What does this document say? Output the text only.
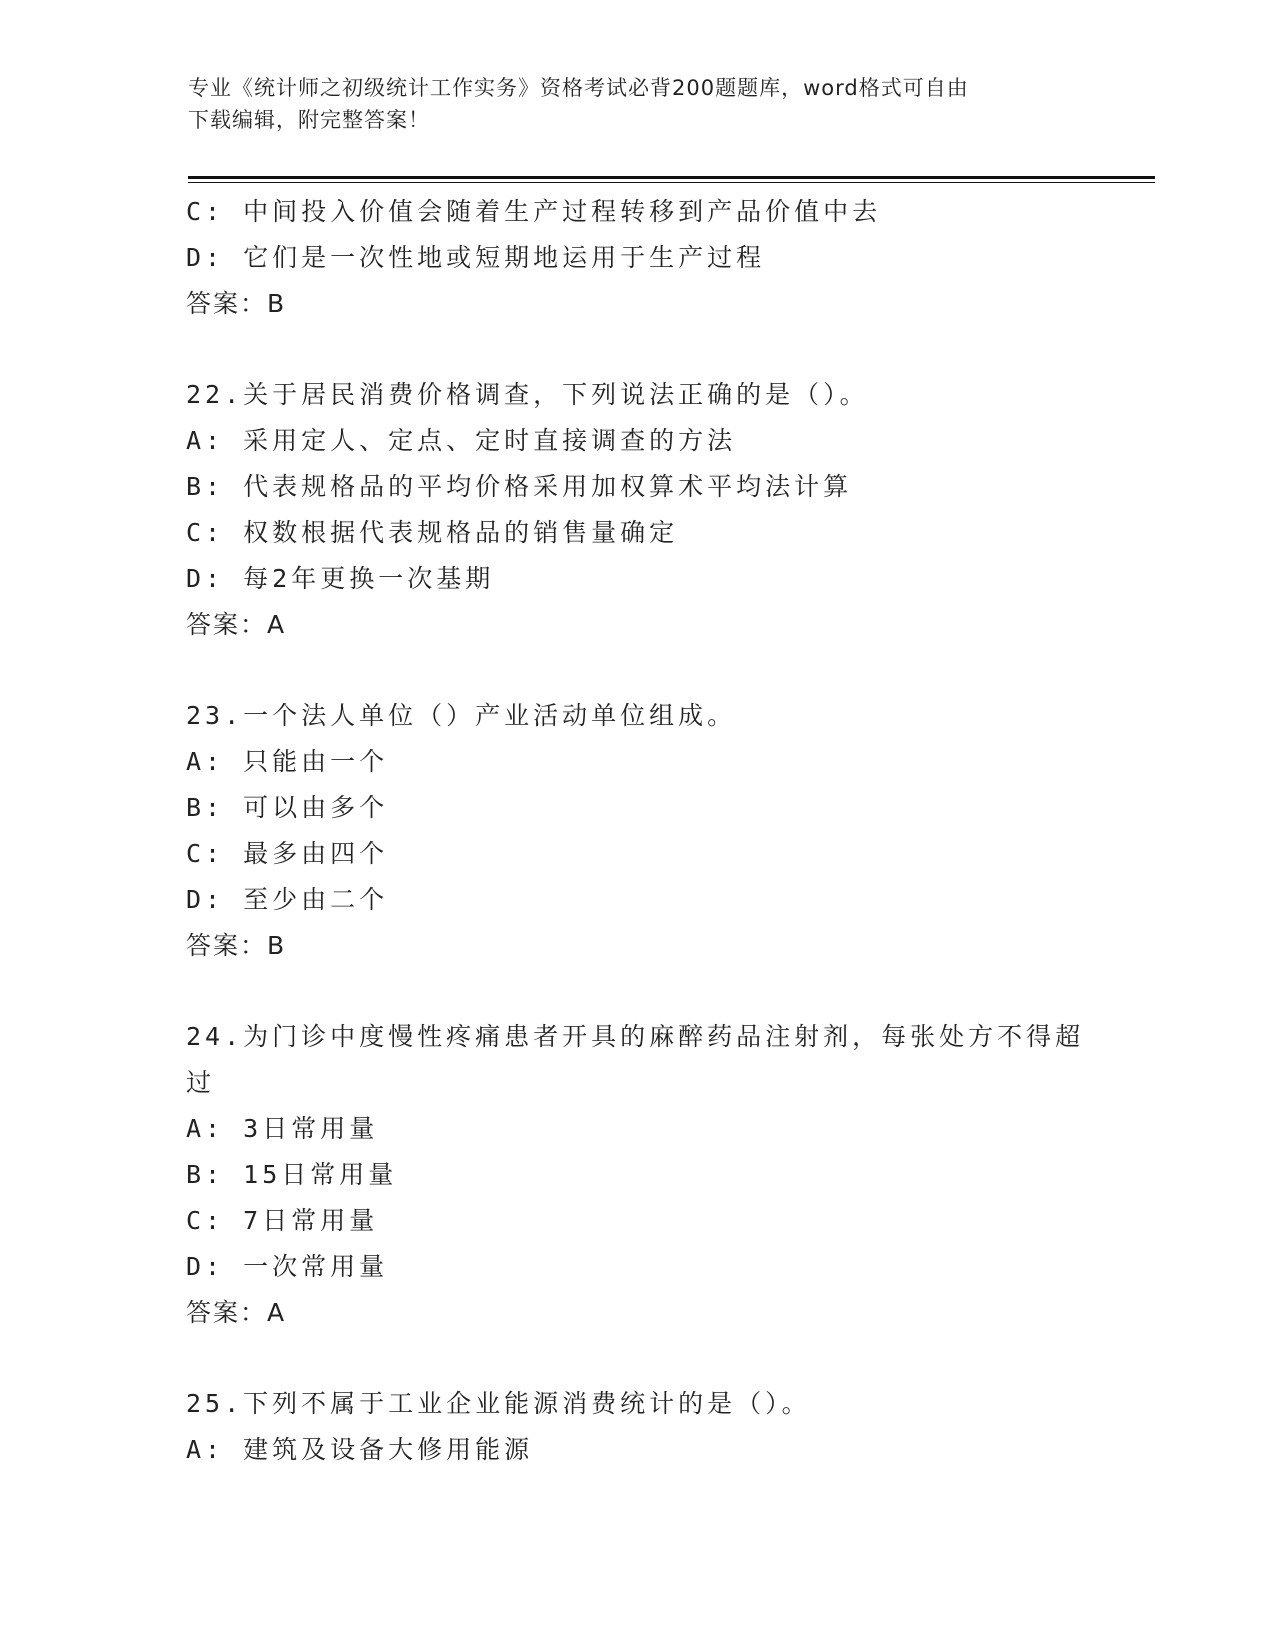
专业《统计师之初级统计工作实务》资格考试必背200题题库，word格式可自由
下载编辑，附完整答案！
C: 中间投入价值会随着生产过程转移到产品价值中去
D: 它们是一次性地或短期地运用于生产过程
答案：B
22.关于居民消费价格调查，下列说法正确的是（）。
A: 采用定人、定点、定时直接调查的方法
B: 代表规格品的平均价格采用加权算术平均法计算
C: 权数根据代表规格品的销售量确定
D: 每2年更换一次基期
答案：A
23.一个法人单位（）产业活动单位组成。
A: 只能由一个
B: 可以由多个
C: 最多由四个
D: 至少由二个
答案：B
24.为门诊中度慢性疼痛患者开具的麻醉药品注射剂，每张处方不得超
过
A: 3日常用量
B: 15日常用量
C: 7日常用量
D: 一次常用量
答案：A
25.下列不属于工业企业能源消费统计的是（）。
A: 建筑及设备大修用能源
